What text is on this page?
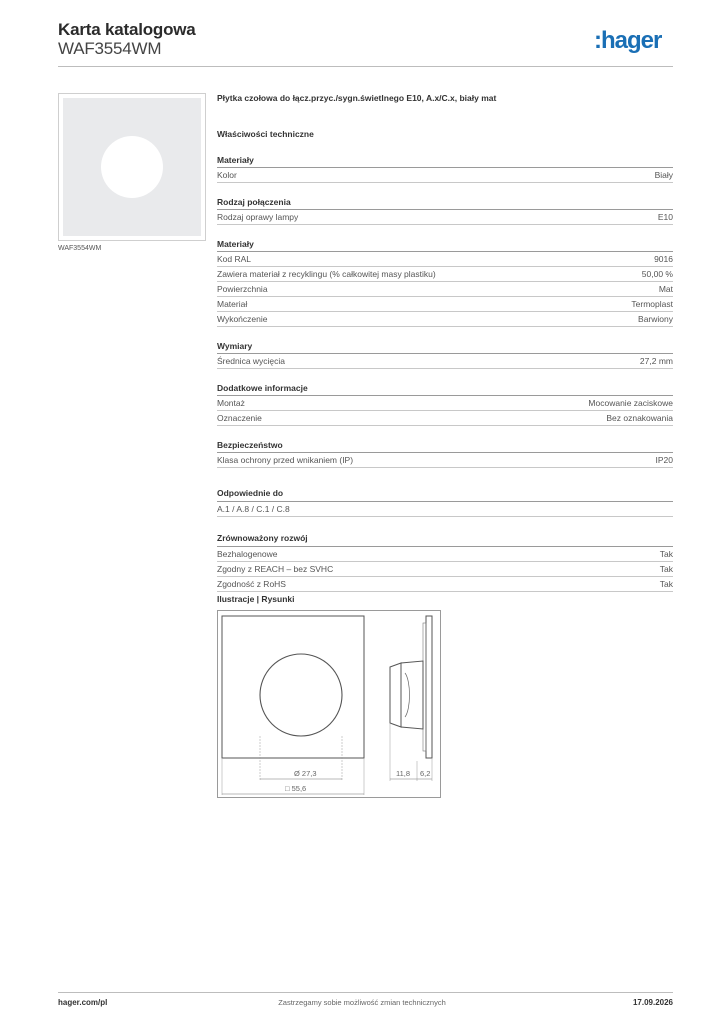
Karta katalogowa
WAF3554WM	:hager
WAF3554WM
Płytka czołowa do łącz.przyc./sygn.świetlnego E10, A.x/C.x, biały mat
Właściwości techniczne
Materiały
Kolor	Biały
Rodzaj połączenia
Rodzaj oprawy lampy	E10
Materiały
Kod RAL	9016
Zawiera materiał z recyklingu (% całkowitej masy plastiku)	50,00 %
Powierzchnia	Mat
Materiał	Termoplast
Wykończenie	Barwiony
Wymiary
Średnica wycięcia	27,2 mm
Dodatkowe informacje
Montaż	Mocowanie zaciskowe
Oznaczenie	Bez oznakowania
Bezpieczeństwo
Klasa ochrony przed wnikaniem (IP)	IP20
Odpowiednie do
A.1 / A.8 / C.1 / C.8
Zrównoważony rozwój
Bezhalogenowe	Tak
Zgodny z REACH – bez SVHC	Tak
Zgodność z RoHS	Tak
Ilustracje | Rysunki
Ø 27,3
□ 55,6
11,8 6,2
hager.com/pl	Zastrzegamy sobie możliwość zmian technicznych	17.09.2026
